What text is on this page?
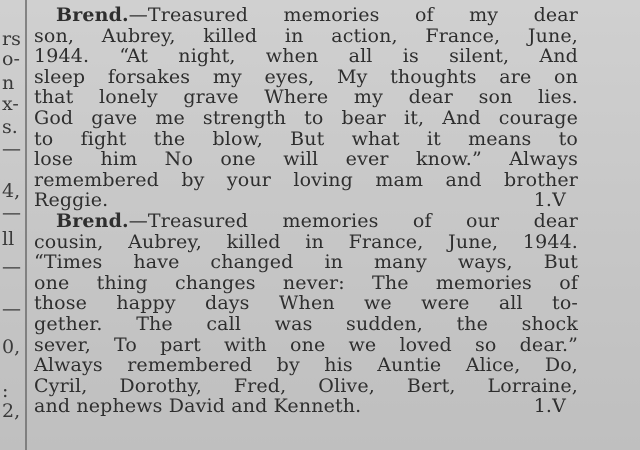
rs
o-
n
x-
s.
—
4,
—
ll
—
—
0,
:
2,
Brend.—Treasured memories of my dear
son, Aubrey, killed in action, France, June,
1944. “At night, when all is silent, And
sleep forsakes my eyes, My thoughts are on
that lonely grave Where my dear son lies.
God gave me strength to bear it, And courage
to fight the blow, But what it means to
lose him No one will ever know.” Always
remembered by your loving mam and brother
Reggie.	1.V
Brend.—Treasured memories of our dear
cousin, Aubrey, killed in France, June, 1944.
“Times have changed in many ways, But
one thing changes never: The memories of
those happy days When we were all to-
gether. The call was sudden, the shock
sever, To part with one we loved so dear.”
Always remembered by his Auntie Alice, Do,
Cyril, Dorothy, Fred, Olive, Bert, Lorraine,
and nephews David and Kenneth.	1.V
